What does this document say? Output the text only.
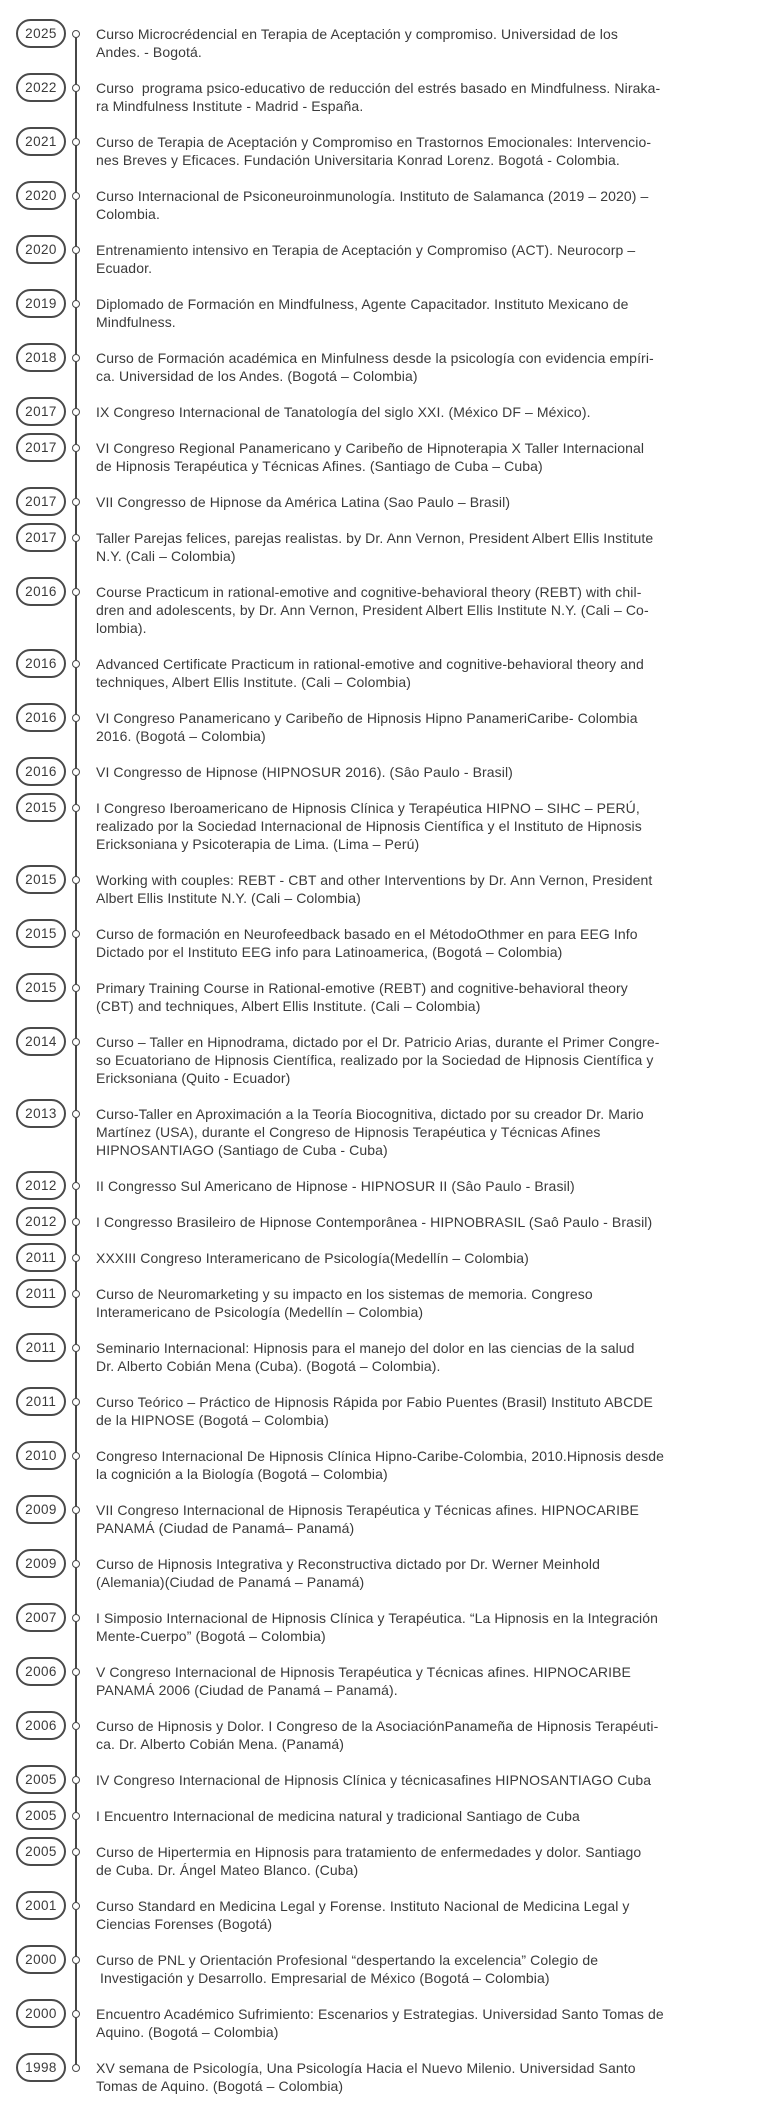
2025	Curso Microcrédencial en Terapia de Aceptación y compromiso. Universidad de los
Andes. - Bogotá.
2022	Curso  programa psico-educativo de reducción del estrés basado en Mindfulness. Niraka-
ra Mindfulness Institute - Madrid - España.
2021	Curso de Terapia de Aceptación y Compromiso en Trastornos Emocionales: Intervencio-
nes Breves y Eficaces. Fundación Universitaria Konrad Lorenz. Bogotá - Colombia.
2020	Curso Internacional de Psiconeuroinmunología. Instituto de Salamanca (2019 – 2020) –
Colombia.
2020	Entrenamiento intensivo en Terapia de Aceptación y Compromiso (ACT). Neurocorp –
Ecuador.
2019	Diplomado de Formación en Mindfulness, Agente Capacitador. Instituto Mexicano de
Mindfulness.
2018	Curso de Formación académica en Minfulness desde la psicología con evidencia empíri-
ca. Universidad de los Andes. (Bogotá – Colombia)
2017	IX Congreso Internacional de Tanatología del siglo XXI. (México DF – México).
2017	VI Congreso Regional Panamericano y Caribeño de Hipnoterapia X Taller Internacional
de Hipnosis Terapéutica y Técnicas Afines. (Santiago de Cuba – Cuba)
2017	VII Congresso de Hipnose da América Latina (Sao Paulo – Brasil)
2017	Taller Parejas felices, parejas realistas. by Dr. Ann Vernon, President Albert Ellis Institute
N.Y. (Cali – Colombia)
2016	Course Practicum in rational-emotive and cognitive-behavioral theory (REBT) with chil-
dren and adolescents, by Dr. Ann Vernon, President Albert Ellis Institute N.Y. (Cali – Co-
lombia).
2016	Advanced Certificate Practicum in rational-emotive and cognitive-behavioral theory and
techniques, Albert Ellis Institute. (Cali – Colombia)
2016	VI Congreso Panamericano y Caribeño de Hipnosis Hipno PanameriCaribe- Colombia
2016. (Bogotá – Colombia)
2016	VI Congresso de Hipnose (HIPNOSUR 2016). (Sâo Paulo - Brasil)
2015	I Congreso Iberoamericano de Hipnosis Clínica y Terapéutica HIPNO – SIHC – PERÚ,
realizado por la Sociedad Internacional de Hipnosis Científica y el Instituto de Hipnosis
Ericksoniana y Psicoterapia de Lima. (Lima – Perú)
2015	Working with couples: REBT - CBT and other Interventions by Dr. Ann Vernon, President
Albert Ellis Institute N.Y. (Cali – Colombia)
2015	Curso de formación en Neurofeedback basado en el MétodoOthmer en para EEG Info
Dictado por el Instituto EEG info para Latinoamerica, (Bogotá – Colombia)
2015	Primary Training Course in Rational-emotive (REBT) and cognitive-behavioral theory
(CBT) and techniques, Albert Ellis Institute. (Cali – Colombia)
2014	Curso – Taller en Hipnodrama, dictado por el Dr. Patricio Arias, durante el Primer Congre-
so Ecuatoriano de Hipnosis Científica, realizado por la Sociedad de Hipnosis Científica y
Ericksoniana (Quito - Ecuador)
2013	Curso-Taller en Aproximación a la Teoría Biocognitiva, dictado por su creador Dr. Mario
Martínez (USA), durante el Congreso de Hipnosis Terapéutica y Técnicas Afines
HIPNOSANTIAGO (Santiago de Cuba - Cuba)
2012	II Congresso Sul Americano de Hipnose - HIPNOSUR II (Sâo Paulo - Brasil)
2012	I Congresso Brasileiro de Hipnose Contemporânea - HIPNOBRASIL (Saô Paulo - Brasil)
2011	XXXIII Congreso Interamericano de Psicología(Medellín – Colombia)
2011	Curso de Neuromarketing y su impacto en los sistemas de memoria. Congreso
Interamericano de Psicología (Medellín – Colombia)
2011	Seminario Internacional: Hipnosis para el manejo del dolor en las ciencias de la salud
Dr. Alberto Cobián Mena (Cuba). (Bogotá – Colombia).
2011	Curso Teórico – Práctico de Hipnosis Rápida por Fabio Puentes (Brasil) Instituto ABCDE
de la HIPNOSE (Bogotá – Colombia)
2010	Congreso Internacional De Hipnosis Clínica Hipno-Caribe-Colombia, 2010.Hipnosis desde
la cognición a la Biología (Bogotá – Colombia)
2009	VII Congreso Internacional de Hipnosis Terapéutica y Técnicas afines. HIPNOCARIBE
PANAMÁ (Ciudad de Panamá– Panamá)
2009	Curso de Hipnosis Integrativa y Reconstructiva dictado por Dr. Werner Meinhold
(Alemania)(Ciudad de Panamá – Panamá)
2007	I Simposio Internacional de Hipnosis Clínica y Terapéutica. “La Hipnosis en la Integración
Mente-Cuerpo” (Bogotá – Colombia)
2006	V Congreso Internacional de Hipnosis Terapéutica y Técnicas afines. HIPNOCARIBE
PANAMÁ 2006 (Ciudad de Panamá – Panamá).
2006	Curso de Hipnosis y Dolor. I Congreso de la AsociaciónPanameña de Hipnosis Terapéuti-
ca. Dr. Alberto Cobián Mena. (Panamá)
2005	IV Congreso Internacional de Hipnosis Clínica y técnicasafines HIPNOSANTIAGO Cuba
2005	I Encuentro Internacional de medicina natural y tradicional Santiago de Cuba
2005	Curso de Hipertermia en Hipnosis para tratamiento de enfermedades y dolor. Santiago
de Cuba. Dr. Ángel Mateo Blanco. (Cuba)
2001	Curso Standard en Medicina Legal y Forense. Instituto Nacional de Medicina Legal y
Ciencias Forenses (Bogotá)
2000	Curso de PNL y Orientación Profesional “despertando la excelencia” Colegio de
Investigación y Desarrollo. Empresarial de México (Bogotá – Colombia)
2000	Encuentro Académico Sufrimiento: Escenarios y Estrategias. Universidad Santo Tomas de
Aquino. (Bogotá – Colombia)
1998	XV semana de Psicología, Una Psicología Hacia el Nuevo Milenio. Universidad Santo
Tomas de Aquino. (Bogotá – Colombia)
